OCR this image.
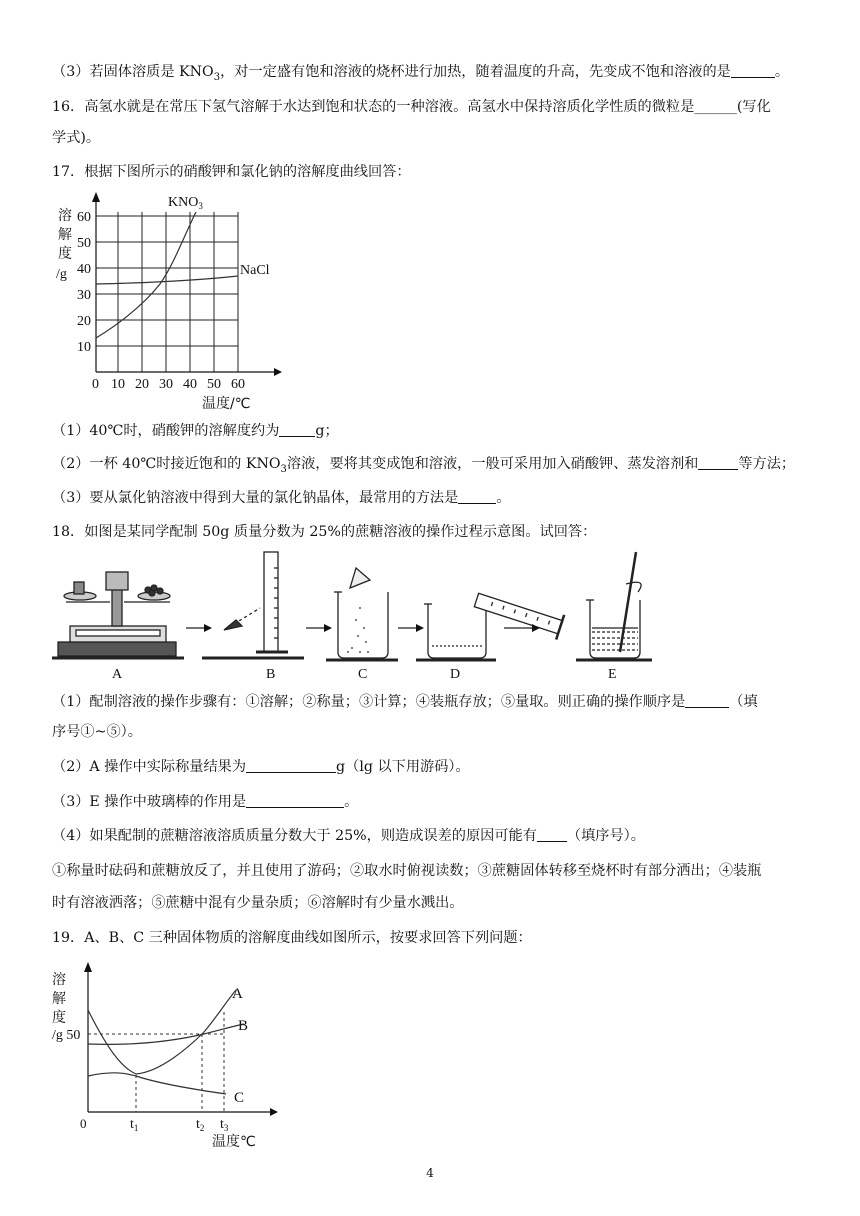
（3）若固体溶质是 $KNO_3$，对一定盛有饱和溶液的烧杯进行加热，随着温度的升高，先变成不饱和溶液的是	。
16．高氢水就是在常压下氢气溶解于水达到饱和状态的一种溶液。高氢水中保持溶质化学性质的微粒是______(写化
学式)。
17．根据下图所示的硝酸钾和氯化钠的溶解度曲线回答：
溶
解
度
/g
60
50
40
30
20
10
0 10 20 30 40 50 60
温度/℃
$KNO_3$
NaCl
（1）40℃时，硝酸钾的溶解度约为	g；
（2）一杯 40℃时接近饱和的 $KNO_3$溶液，要将其变成饱和溶液，一般可采用加入硝酸钾、蒸发溶剂和	等方法；
（3）要从氯化钠溶液中得到大量的氯化钠晶体，最常用的方法是	。
18．如图是某同学配制 50g 质量分数为 25%的蔗糖溶液的操作过程示意图。试回答：
A	B	C	D	E
（1）配制溶液的操作步骤有：①溶解；②称量；③计算；④装瓶存放；⑤量取。则正确的操作顺序是	（填
序号①~⑤）。
（2）A 操作中实际称量结果为	g（lg 以下用游码）。
（3）E 操作中玻璃棒的作用是	。
（4）如果配制的蔗糖溶液溶质质量分数大于 25%，则造成误差的原因可能有 （填序号）。
①称量时砝码和蔗糖放反了，并且使用了游码；②取水时俯视读数；③蔗糖固体转移至烧杯时有部分洒出；④装瓶
时有溶液洒落；⑤蔗糖中混有少量杂质；⑥溶解时有少量水溅出。
19．A、B、C 三种固体物质的溶解度曲线如图所示，按要求回答下列问题：
溶
解
度
/g 50
A
B
C
0	$t_1$	$t_2$ $t_3$
温度℃
4
